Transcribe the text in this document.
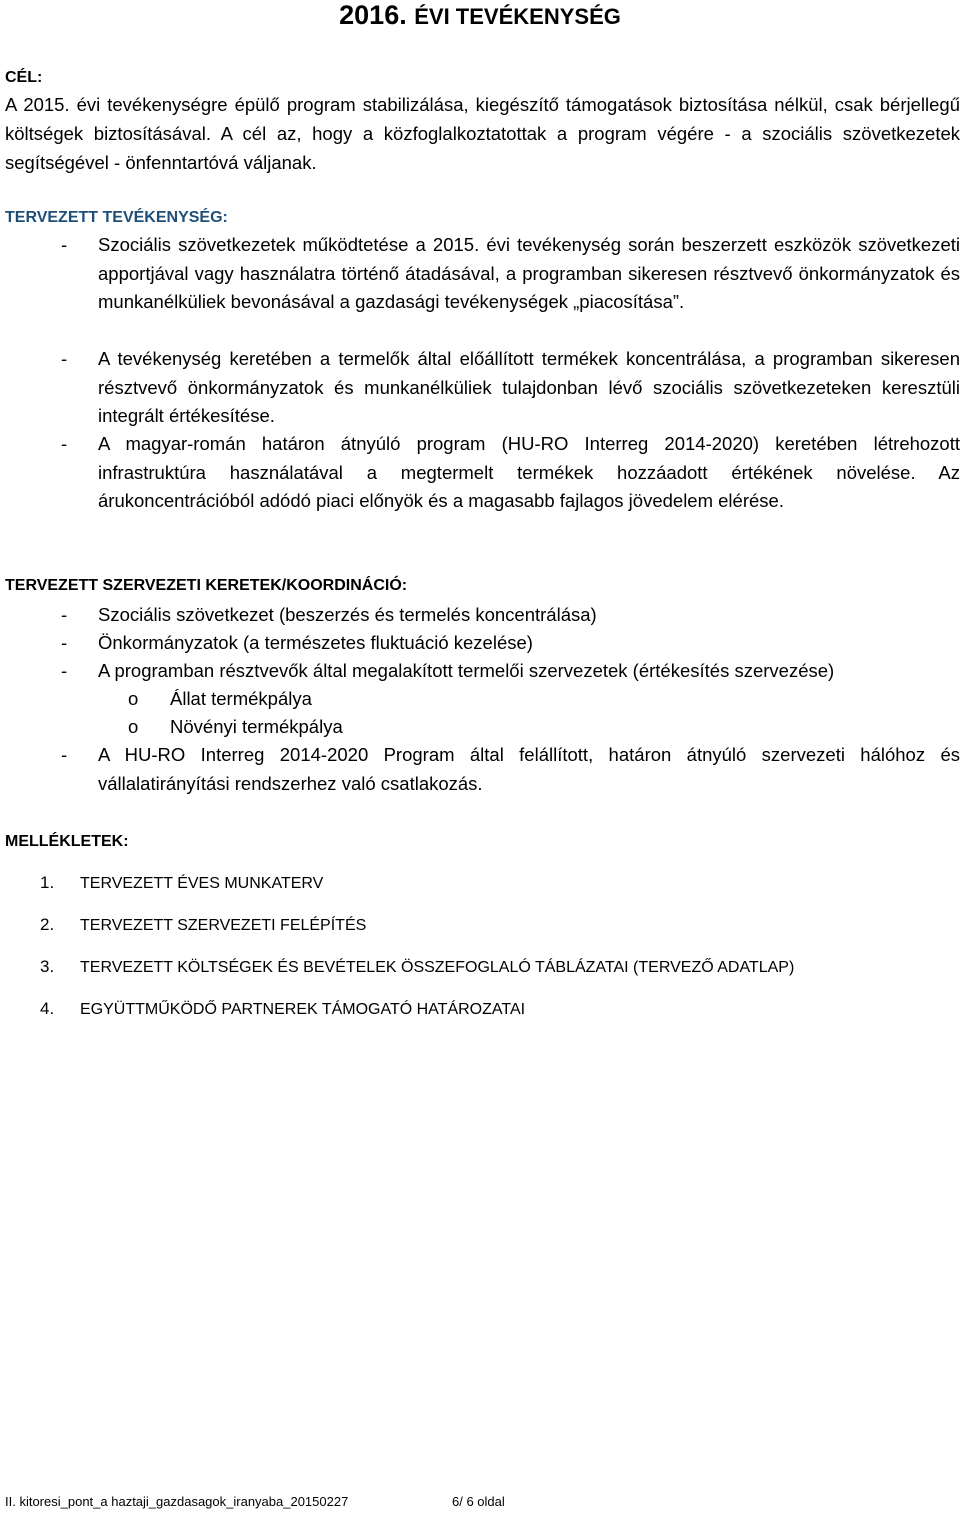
2016. ÉVI TEVÉKENYSÉG
CÉL:
A 2015. évi tevékenységre épülő program stabilizálása, kiegészítő támogatások biztosítása nélkül, csak bérjellegű költségek biztosításával. A cél az, hogy a közfoglalkoztatottak a program végére - a szociális szövetkezetek segítségével - önfenntartóvá váljanak.
TERVEZETT TEVÉKENYSÉG:
- Szociális szövetkezetek működtetése a 2015. évi tevékenység során beszerzett eszközök szövetkezeti apportjával vagy használatra történő átadásával, a programban sikeresen résztvevő önkormányzatok és munkanélküliek bevonásával a gazdasági tevékenységek „piacosítása”.
- A tevékenység keretében a termelők által előállított termékek koncentrálása, a programban sikeresen résztvevő önkormányzatok és munkanélküliek tulajdonban lévő szociális szövetkezeteken keresztüli integrált értékesítése.
- A magyar-román határon átnyúló program (HU-RO Interreg 2014-2020) keretében létrehozott infrastruktúra használatával a megtermelt termékek hozzáadott értékének növelése. Az árukoncentrációból adódó piaci előnyök és a magasabb fajlagos jövedelem elérése.
TERVEZETT SZERVEZETI KERETEK/KOORDINÁCIÓ:
- Szociális szövetkezet (beszerzés és termelés koncentrálása)
- Önkormányzatok (a természetes fluktuáció kezelése)
- A programban résztvevők által megalakított termelői szervezetek (értékesítés szervezése)
o Állat termékpálya
o Növényi termékpálya
- A HU-RO Interreg 2014-2020 Program által felállított, határon átnyúló szervezeti hálóhoz és vállalatirányítási rendszerhez való csatlakozás.
MELLÉKLETEK:
1. TERVEZETT ÉVES MUNKATERV
2. TERVEZETT SZERVEZETI FELÉPÍTÉS
3. TERVEZETT KÖLTSÉGEK ÉS BEVÉTELEK ÖSSZEFOGLALÓ TÁBLÁZATAI (TERVEZŐ ADATLAP)
4. EGYÜTTMŰKÖDŐ PARTNEREK TÁMOGATÓ HATÁROZATAI
II. kitoresi_pont_a haztaji_gazdasagok_iranyaba_20150227	6/ 6 oldal
